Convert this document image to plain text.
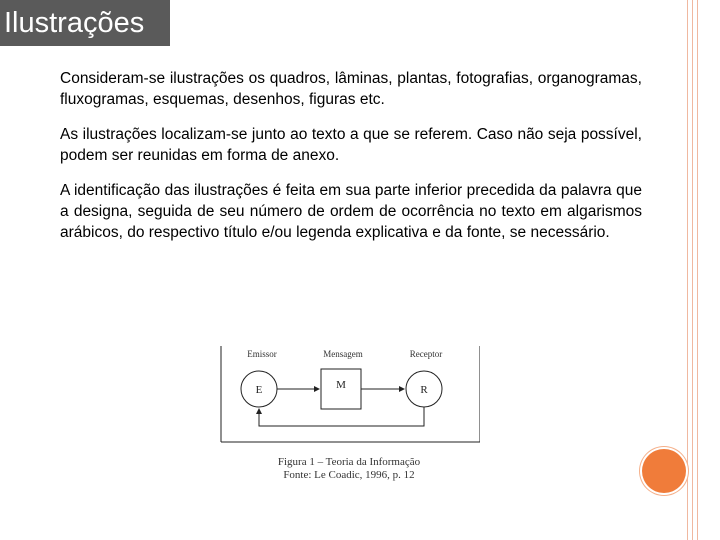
Ilustrações

Consideram-se ilustrações os quadros, lâminas, plantas, fotografias, organogramas, fluxogramas, esquemas, desenhos, figuras etc.

As ilustrações localizam-se junto ao texto a que se referem. Caso não seja possível, podem ser reunidas em forma de anexo.

A identificação das ilustrações é feita em sua parte inferior precedida da palavra que a designa, seguida de seu número de ordem de ocorrência no texto em algarismos arábicos, do respectivo título e/ou legenda explicativa e da fonte, se necessário.

Emissor	Mensagem	Receptor
E	M	R
Figura 1 – Teoria da Informação
Fonte: Le Coadic, 1996, p. 12
